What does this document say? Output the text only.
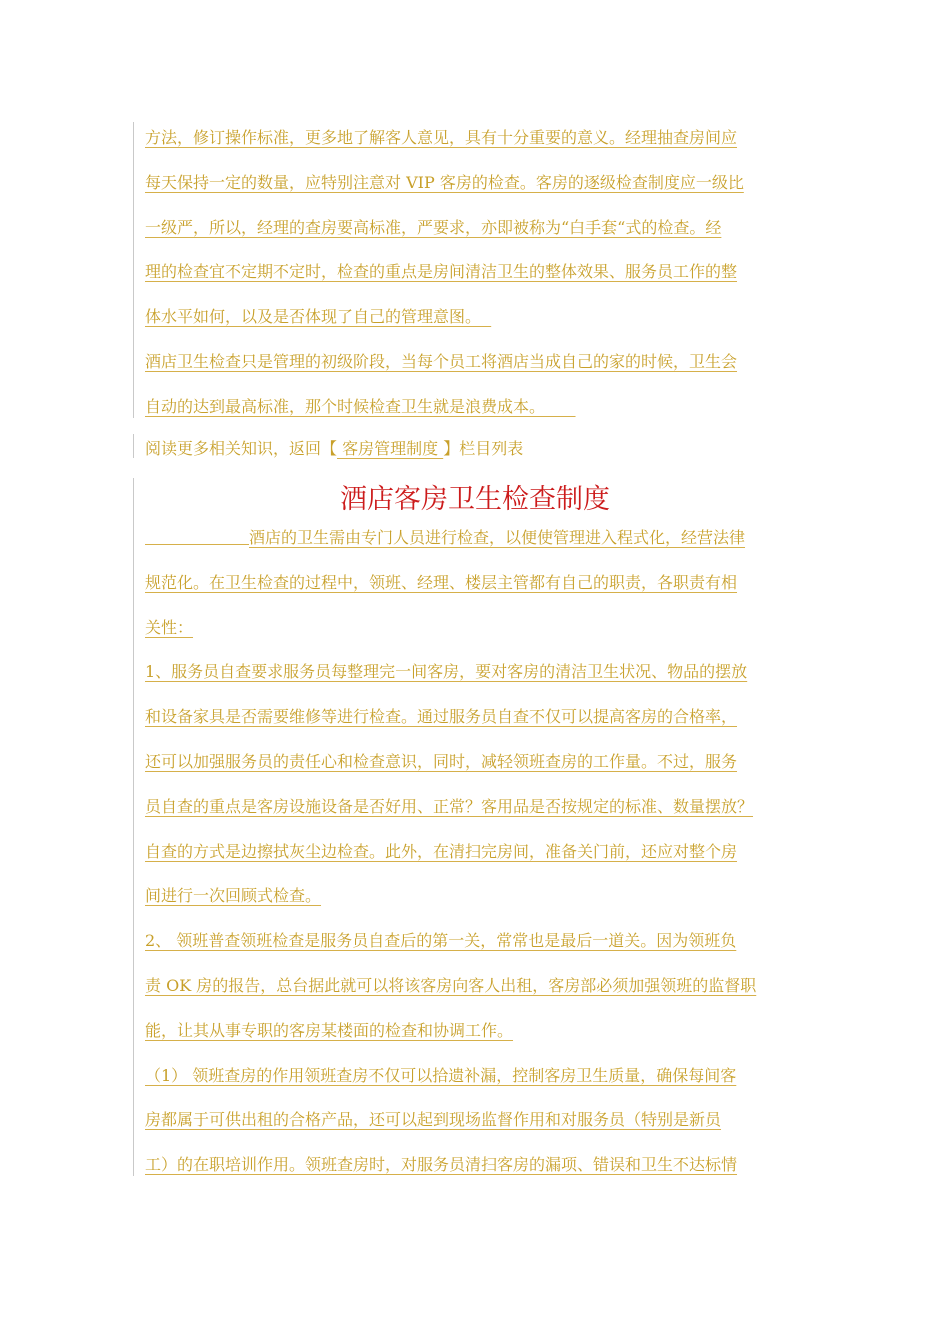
方法，修订操作标准，更多地了解客人意见，具有十分重要的意义。经理抽查房间应
每天保持一定的数量，应特别注意对 VIP 客房的检查。客房的逐级检查制度应一级比
一级严，所以，经理的查房要高标准，严要求，亦即被称为“白手套“式的检查。经
理的检查宜不定期不定时，检查的重点是房间清洁卫生的整体效果、服务员工作的整
体水平如何，以及是否体现了自己的管理意图。
酒店卫生检查只是管理的初级阶段，当每个员工将酒店当成自己的家的时候，卫生会
自动的达到最高标准，那个时候检查卫生就是浪费成本。
阅读更多相关知识，返回【 客房管理制度 】栏目列表
酒店客房卫生检查制度
酒店的卫生需由专门人员进行检查，以便使管理进入程式化，经营法律
规范化。在卫生检查的过程中，领班、经理、楼层主管都有自己的职责，各职责有相
关性：
1、服务员自查要求服务员每整理完一间客房，要对客房的清洁卫生状况、物品的摆放
和设备家具是否需要维修等进行检查。通过服务员自查不仅可以提高客房的合格率，
还可以加强服务员的责任心和检查意识，同时，减轻领班查房的工作量。不过，服务
员自查的重点是客房设施设备是否好用、正常？客用品是否按规定的标准、数量摆放？
自查的方式是边擦拭灰尘边检查。此外，在清扫完房间，准备关门前，还应对整个房
间进行一次回顾式检查。
2、 领班普查领班检查是服务员自查后的第一关，常常也是最后一道关。因为领班负
责 OK 房的报告，总台据此就可以将该客房向客人出租，客房部必须加强领班的监督职
能，让其从事专职的客房某楼面的检查和协调工作。
（1） 领班查房的作用领班查房不仅可以拾遗补漏，控制客房卫生质量，确保每间客
房都属于可供出租的合格产品，还可以起到现场监督作用和对服务员（特别是新员
工）的在职培训作用。领班查房时，对服务员清扫客房的漏项、错误和卫生不达标情
